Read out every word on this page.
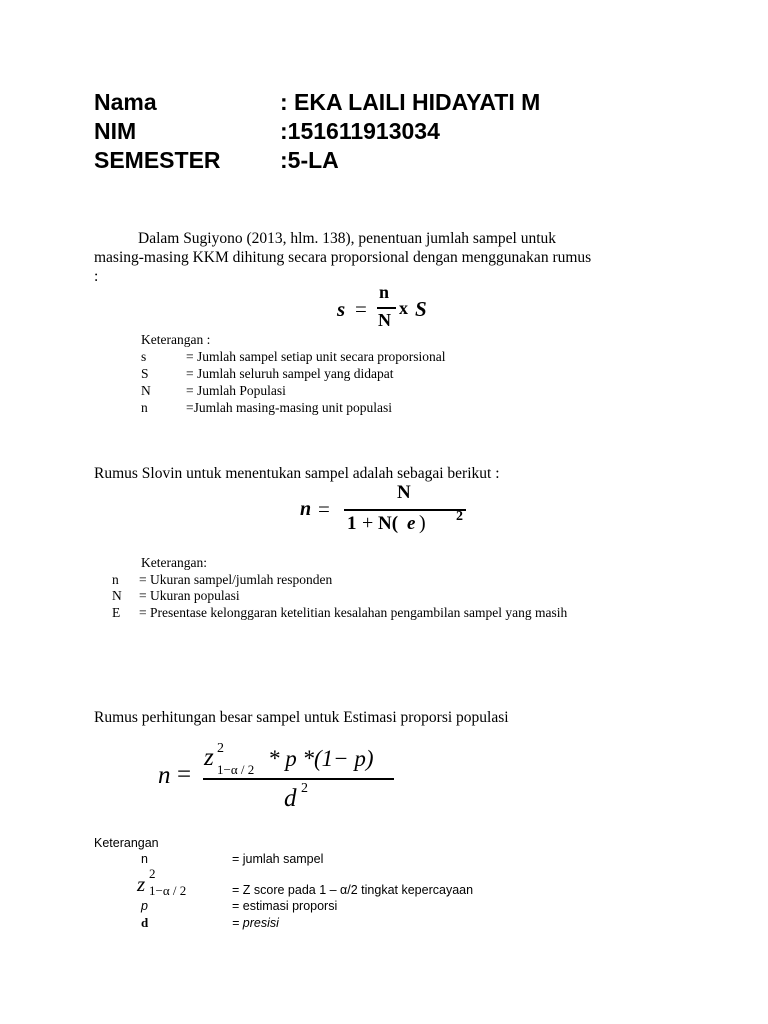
Nama	: EKA LAILI HIDAYATI M
NIM	:151611913034
SEMESTER	:5-LA
Dalam Sugiyono (2013, hlm. 138), penentuan jumlah sampel untuk
masing-masing KKM dihitung secara proporsional dengan menggunakan rumus
:
s =
n
N
x S
Keterangan :
s	= Jumlah sampel setiap unit secara proporsional
S	= Jumlah seluruh sampel yang didapat
N	= Jumlah Populasi
n	=Jumlah masing-masing unit populasi
Rumus Slovin untuk menentukan sampel adalah sebagai berikut :
n =
N
1 + N( e ) 2
Keterangan:
n = Ukuran sampel/jumlah responden
N = Ukuran populasi
E = Presentase kelonggaran ketelitian kesalahan pengambilan sampel yang masih
Rumus perhitungan besar sampel untuk Estimasi proporsi populasi
n =
z 2
1−α / 2 * p *(1− p)
d 2
Keterangan
n	= jumlah sampel
z 2
1−α / 2	= Z score pada 1 – α/2 tingkat kepercayaan
p	= estimasi proporsi
d	= presisi
